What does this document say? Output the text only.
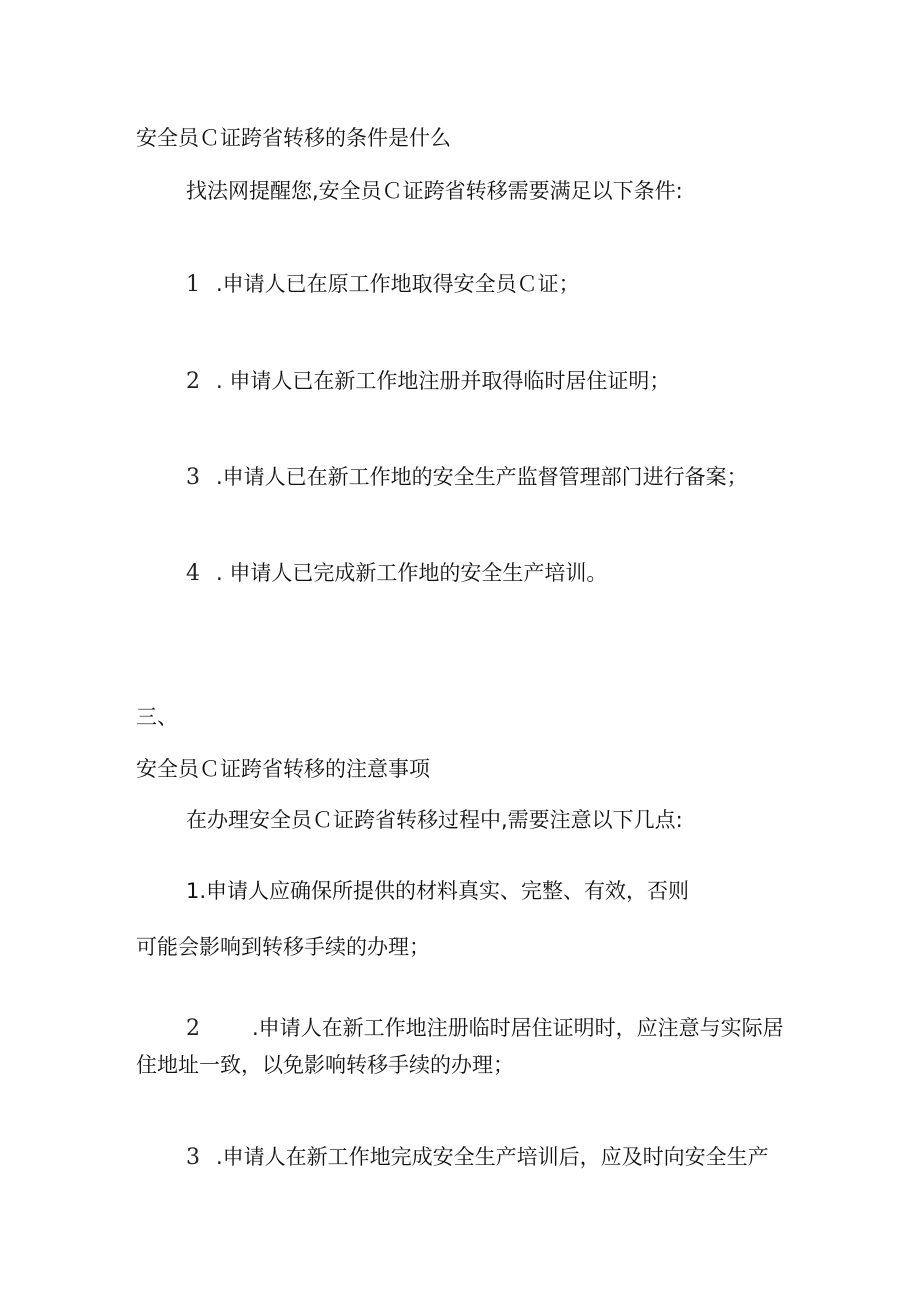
安全员Ｃ证跨省转移的条件是什么
找法网提醒您,安全员Ｃ证跨省转移需要满足以下条件:
1 .申请人已在原工作地取得安全员Ｃ证；
2 . 申请人已在新工作地注册并取得临时居住证明；
3 .申请人已在新工作地的安全生产监督管理部门进行备案；
4 . 申请人已完成新工作地的安全生产培训。
三、
安全员Ｃ证跨省转移的注意事项
在办理安全员Ｃ证跨省转移过程中,需要注意以下几点:
1.申请人应确保所提供的材料真实、完整、有效，否则
可能会影响到转移手续的办理；
2 .申请人在新工作地注册临时居住证明时，应注意与实际居
住地址一致，以免影响转移手续的办理；
3 .申请人在新工作地完成安全生产培训后，应及时向安全生产
